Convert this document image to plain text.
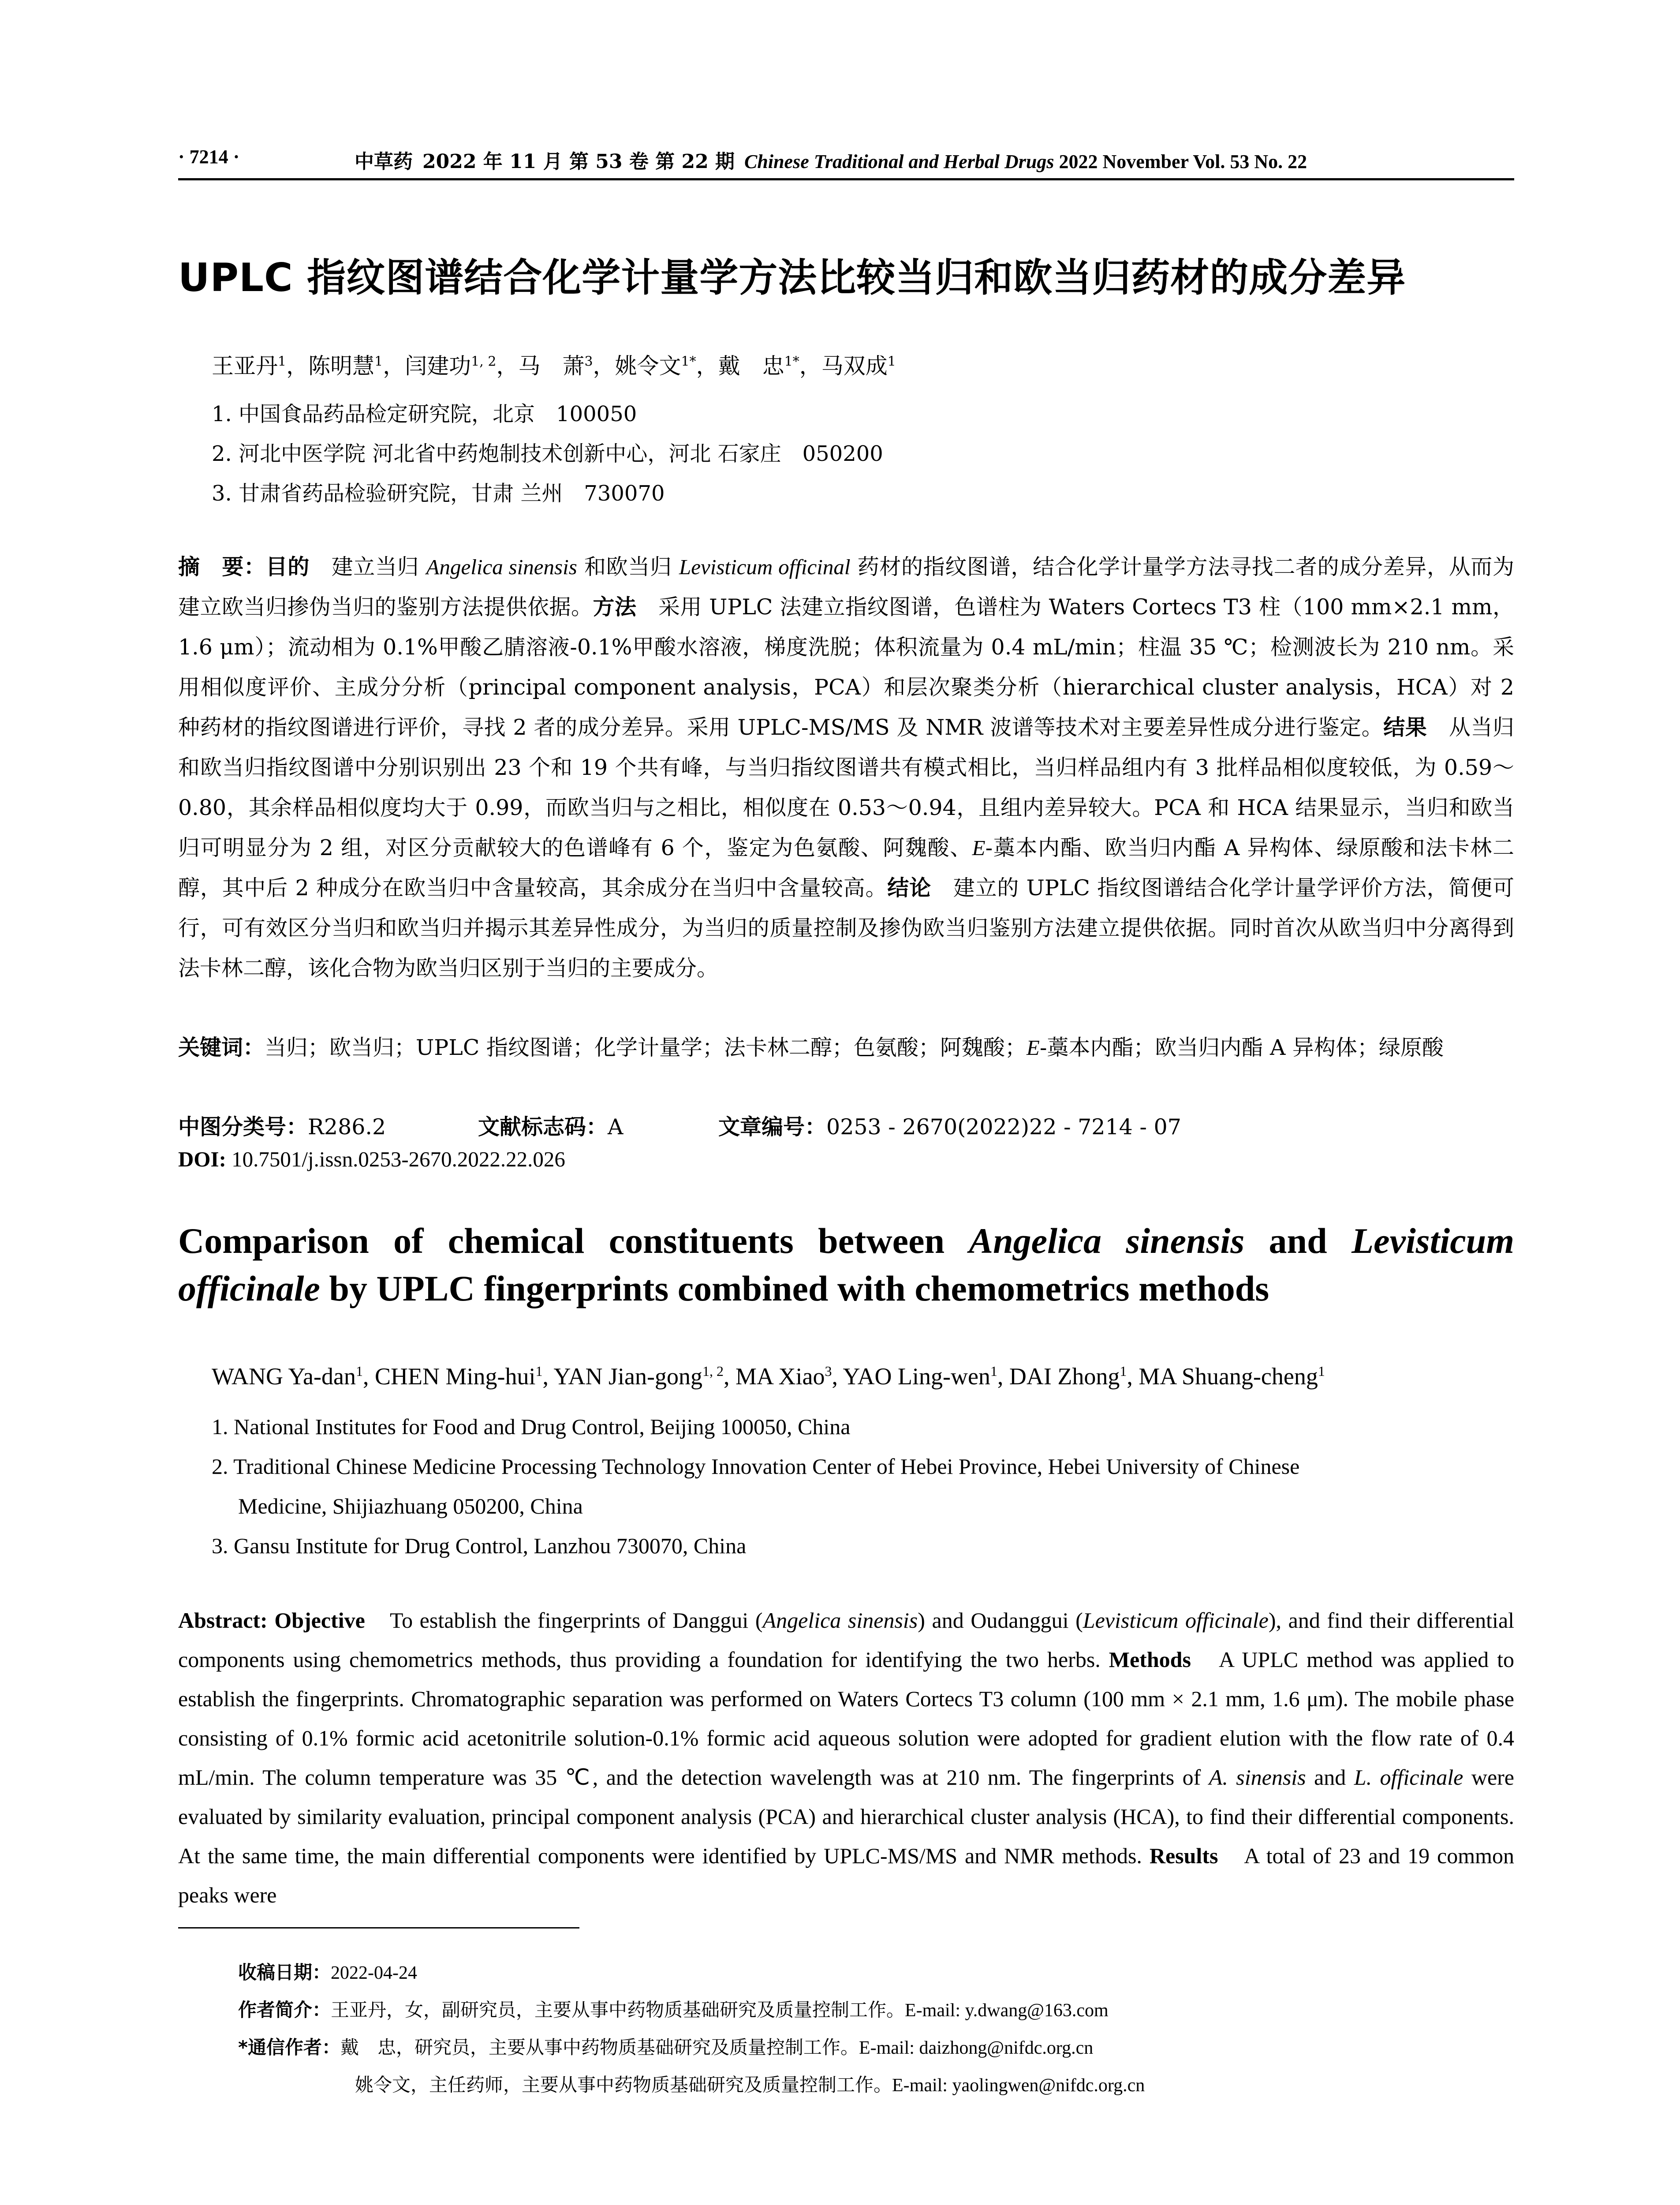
· 7214 ·	中草药 2022 年 11 月 第 53 卷 第 22 期 Chinese Traditional and Herbal Drugs 2022 November Vol. 53 No. 22
UPLC 指纹图谱结合化学计量学方法比较当归和欧当归药材的成分差异
王亚丹$^1$，陈明慧$^1$，闫建功$^{1, 2}$，马　萧$^3$，姚令文$^{1*}$，戴　忠$^{1*}$，马双成$^1$
1. 中国食品药品检定研究院，北京　100050
2. 河北中医学院 河北省中药炮制技术创新中心，河北 石家庄　050200
3. 甘肃省药品检验研究院，甘肃 兰州　730070
摘　要：目的　建立当归 Angelica sinensis 和欧当归 Levisticum officinal 药材的指纹图谱，结合化学计量学方法寻找二者的成分差异，从而为建立欧当归掺伪当归的鉴别方法提供依据。方法　采用 UPLC 法建立指纹图谱，色谱柱为 Waters Cortecs T3 柱（100 mm×2.1 mm，1.6 μm）；流动相为 0.1%甲酸乙腈溶液-0.1%甲酸水溶液，梯度洗脱；体积流量为 0.4 mL/min；柱温 35 ℃；检测波长为 210 nm。采用相似度评价、主成分分析（principal component analysis，PCA）和层次聚类分析（hierarchical cluster analysis，HCA）对 2 种药材的指纹图谱进行评价，寻找 2 者的成分差异。采用 UPLC-MS/MS 及 NMR 波谱等技术对主要差异性成分进行鉴定。结果　从当归和欧当归指纹图谱中分别识别出 23 个和 19 个共有峰，与当归指纹图谱共有模式相比，当归样品组内有 3 批样品相似度较低，为 0.59～0.80，其余样品相似度均大于 0.99，而欧当归与之相比，相似度在 0.53～0.94，且组内差异较大。PCA 和 HCA 结果显示，当归和欧当归可明显分为 2 组，对区分贡献较大的色谱峰有 6 个，鉴定为色氨酸、阿魏酸、E-藁本内酯、欧当归内酯 A 异构体、绿原酸和法卡林二醇，其中后 2 种成分在欧当归中含量较高，其余成分在当归中含量较高。结论　建立的 UPLC 指纹图谱结合化学计量学评价方法，简便可行，可有效区分当归和欧当归并揭示其差异性成分，为当归的质量控制及掺伪欧当归鉴别方法建立提供依据。同时首次从欧当归中分离得到法卡林二醇，该化合物为欧当归区别于当归的主要成分。
关键词：当归；欧当归；UPLC 指纹图谱；化学计量学；法卡林二醇；色氨酸；阿魏酸；E-藁本内酯；欧当归内酯 A 异构体；绿原酸
中图分类号：R286.2	文献标志码：A	文章编号：0253 - 2670(2022)22 - 7214 - 07
DOI: 10.7501/j.issn.0253-2670.2022.22.026
Comparison of chemical constituents between Angelica sinensis and Levisticum officinale by UPLC fingerprints combined with chemometrics methods
WANG Ya-dan$^1$, CHEN Ming-hui$^1$, YAN Jian-gong$^{1, 2}$, MA Xiao$^3$, YAO Ling-wen$^1$, DAI Zhong$^1$, MA Shuang-cheng$^1$
1. National Institutes for Food and Drug Control, Beijing 100050, China
2. Traditional Chinese Medicine Processing Technology Innovation Center of Hebei Province, Hebei University of Chinese
Medicine, Shijiazhuang 050200, China
3. Gansu Institute for Drug Control, Lanzhou 730070, China
Abstract: Objective　To establish the fingerprints of Danggui (Angelica sinensis) and Oudanggui (Levisticum officinale), and find their differential components using chemometrics methods, thus providing a foundation for identifying the two herbs. Methods　A UPLC method was applied to establish the fingerprints. Chromatographic separation was performed on Waters Cortecs T3 column (100 mm × 2.1 mm, 1.6 μm). The mobile phase consisting of 0.1% formic acid acetonitrile solution-0.1% formic acid aqueous solution were adopted for gradient elution with the flow rate of 0.4 mL/min. The column temperature was 35 ℃, and the detection wavelength was at 210 nm. The fingerprints of A. sinensis and L. officinale were evaluated by similarity evaluation, principal component analysis (PCA) and hierarchical cluster analysis (HCA), to find their differential components. At the same time, the main differential components were identified by UPLC-MS/MS and NMR methods. Results　A total of 23 and 19 common peaks were
收稿日期：2022-04-24
作者简介：王亚丹，女，副研究员，主要从事中药物质基础研究及质量控制工作。E-mail: y.dwang@163.com
*通信作者：戴　忠，研究员，主要从事中药物质基础研究及质量控制工作。E-mail: daizhong@nifdc.org.cn
姚令文，主任药师，主要从事中药物质基础研究及质量控制工作。E-mail: yaolingwen@nifdc.org.cn
